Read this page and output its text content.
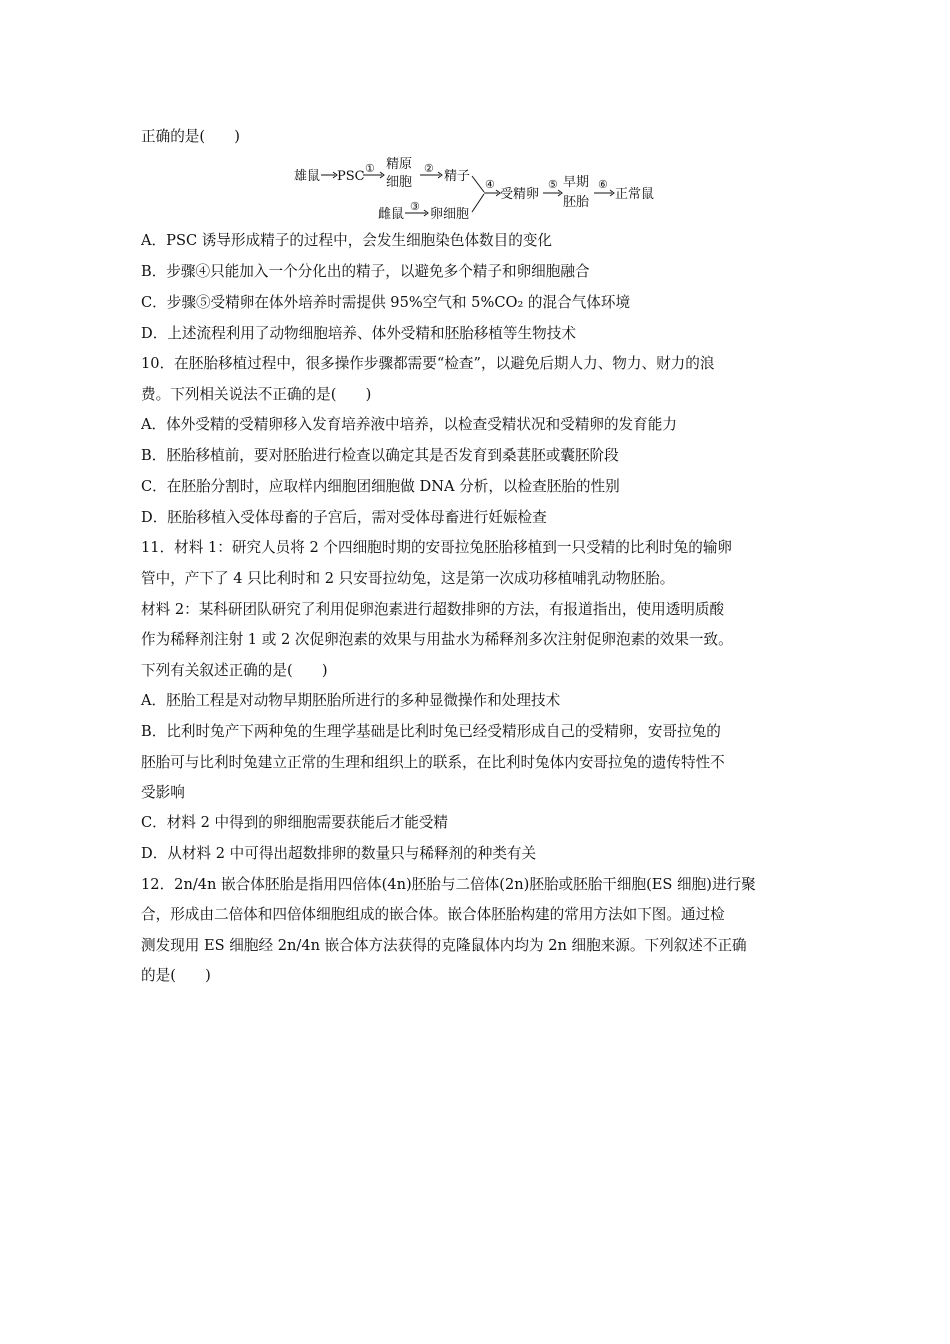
正确的是(　　)
雄鼠 PSC
① 精原
细胞
②
精子
雌鼠
③
卵细胞
④
受精卵
⑤ 早期
胚胎
⑥
正常鼠
A．PSC 诱导形成精子的过程中，会发生细胞染色体数目的变化
B．步骤④只能加入一个分化出的精子，以避免多个精子和卵细胞融合
C．步骤⑤受精卵在体外培养时需提供 95%空气和 5%CO₂ 的混合气体环境
D．上述流程利用了动物细胞培养、体外受精和胚胎移植等生物技术
10．在胚胎移植过程中，很多操作步骤都需要“检查”，以避免后期人力、物力、财力的浪
费。下列相关说法不正确的是(　　)
A．体外受精的受精卵移入发育培养液中培养，以检查受精状况和受精卵的发育能力
B．胚胎移植前，要对胚胎进行检查以确定其是否发育到桑葚胚或囊胚阶段
C．在胚胎分割时，应取样内细胞团细胞做 DNA 分析，以检查胚胎的性别
D．胚胎移植入受体母畜的子宫后，需对受体母畜进行妊娠检查
11．材料 1：研究人员将 2 个四细胞时期的安哥拉兔胚胎移植到一只受精的比利时兔的输卵
管中，产下了 4 只比利时和 2 只安哥拉幼兔，这是第一次成功移植哺乳动物胚胎。
材料 2：某科研团队研究了利用促卵泡素进行超数排卵的方法，有报道指出，使用透明质酸
作为稀释剂注射 1 或 2 次促卵泡素的效果与用盐水为稀释剂多次注射促卵泡素的效果一致。
下列有关叙述正确的是(　　)
A．胚胎工程是对动物早期胚胎所进行的多种显微操作和处理技术
B．比利时兔产下两种兔的生理学基础是比利时兔已经受精形成自己的受精卵，安哥拉兔的
胚胎可与比利时兔建立正常的生理和组织上的联系，在比利时兔体内安哥拉兔的遗传特性不
受影响
C．材料 2 中得到的卵细胞需要获能后才能受精
D．从材料 2 中可得出超数排卵的数量只与稀释剂的种类有关
12．2n/4n 嵌合体胚胎是指用四倍体(4n)胚胎与二倍体(2n)胚胎或胚胎干细胞(ES 细胞)进行聚
合，形成由二倍体和四倍体细胞组成的嵌合体。嵌合体胚胎构建的常用方法如下图。通过检
测发现用 ES 细胞经 2n/4n 嵌合体方法获得的克隆鼠体内均为 2n 细胞来源。下列叙述不正确
的是(　　)
